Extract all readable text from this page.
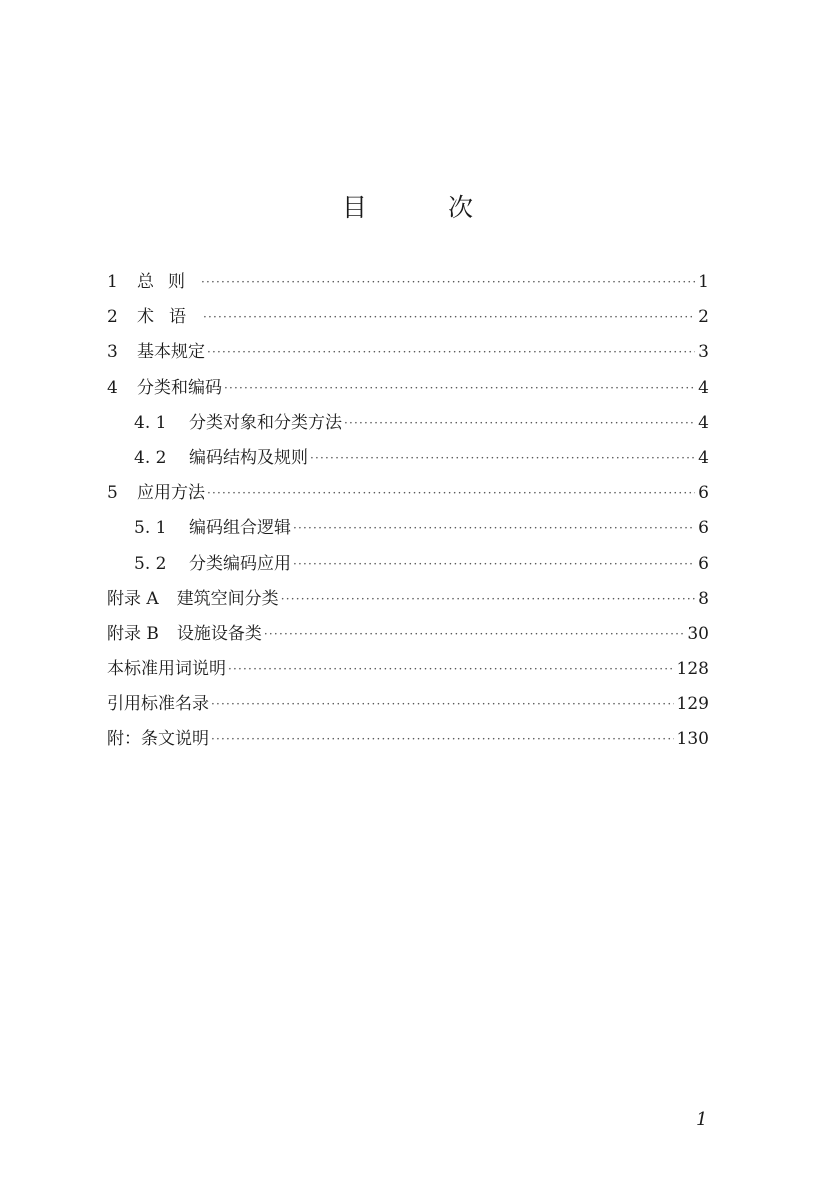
目　次
1	总则 ·····	1
2	术语 ·····	2
3	基本规定 ·····	3
4	分类和编码 ·····	4
4. 1	分类对象和分类方法 ·····	4
4. 2	编码结构及规则 ·····	4
5	应用方法 ·····	6
5. 1	编码组合逻辑 ·····	6
5. 2	分类编码应用 ·····	6
附录 A 建筑空间分类 ·····	8
附录 B 设施设备类 ·····	30
本标准用词说明 ·····	128
引用标准名录 ·····	129
附：条文说明 ·····	130
1
